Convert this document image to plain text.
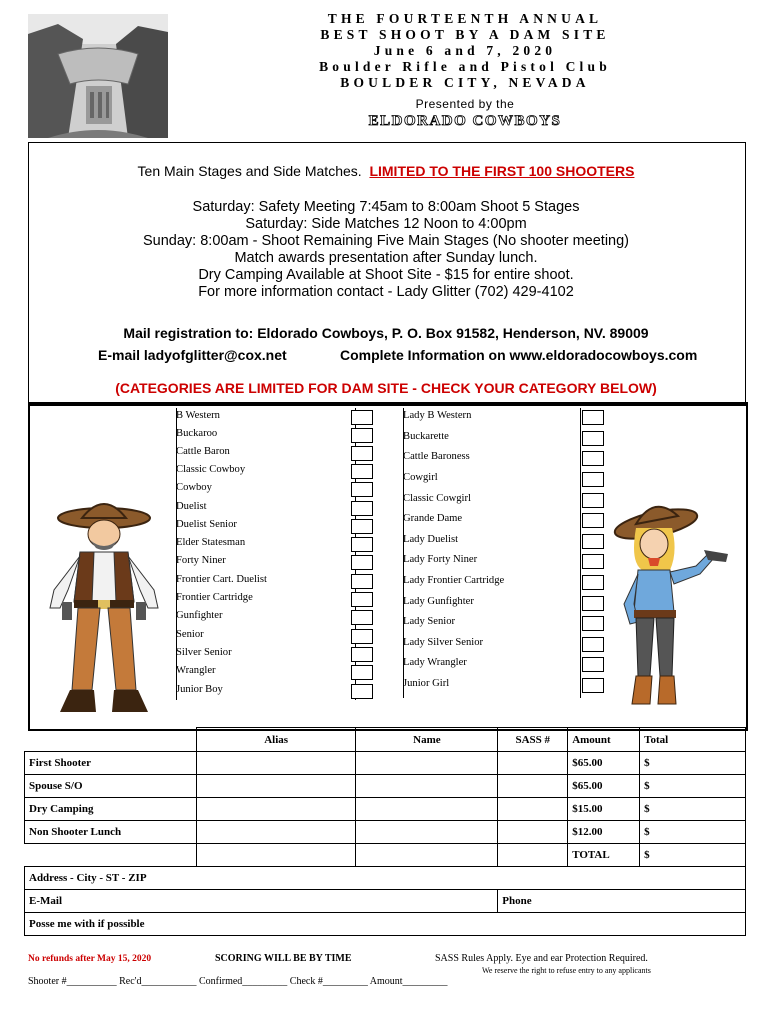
THE FOURTEENTH ANNUAL
BEST SHOOT BY A DAM SITE
June 6 and 7, 2020
Boulder Rifle and Pistol Club
BOULDER CITY, NEVADA
Presented by the
ELDORADO COWBOYS
Ten Main Stages and Side Matches. LIMITED TO THE FIRST 100 SHOOTERS
Saturday: Safety Meeting 7:45am to 8:00am Shoot 5 Stages
Saturday: Side Matches 12 Noon to 4:00pm
Sunday: 8:00am - Shoot Remaining Five Main Stages (No shooter meeting)
Match awards presentation after Sunday lunch.
Dry Camping Available at Shoot Site - $15 for entire shoot.
For more information contact - Lady Glitter (702) 429-4102
Mail registration to: Eldorado Cowboys, P. O. Box 91582, Henderson, NV. 89009
E-mail ladyofglitter@cox.net	Complete Information on www.eldoradocowboys.com
(CATEGORIES ARE LIMITED FOR DAM SITE - CHECK YOUR CATEGORY BELOW)
B Western
Buckaroo
Cattle Baron
Classic Cowboy
Cowboy
Duelist
Duelist Senior
Elder Statesman
Forty Niner
Frontier Cart. Duelist
Frontier Cartridge
Gunfighter
Senior
Silver Senior
Wrangler
Junior Boy
Lady B Western
Buckarette
Cattle Baroness
Cowgirl
Classic Cowgirl
Grande Dame
Lady Duelist
Lady Forty Niner
Lady Frontier Cartridge
Lady Gunfighter
Lady Senior
Lady Silver Senior
Lady Wrangler
Junior Girl
	Alias	Name	SASS #	Amount	Total
First Shooter				$65.00	$
Spouse S/O				$65.00	$
Dry Camping				$15.00	$
Non Shooter Lunch				$12.00	$
				TOTAL	$
Address - City - ST - ZIP					
E-Mail			Phone		
Posse me with if possible					
No refunds after May 15, 2020	SCORING WILL BE BY TIME	SASS Rules Apply. Eye and ear Protection Required.
We reserve the right to refuse entry to any applicants
Shooter #__________ Rec'd___________ Confirmed_________ Check #_________ Amount_________
